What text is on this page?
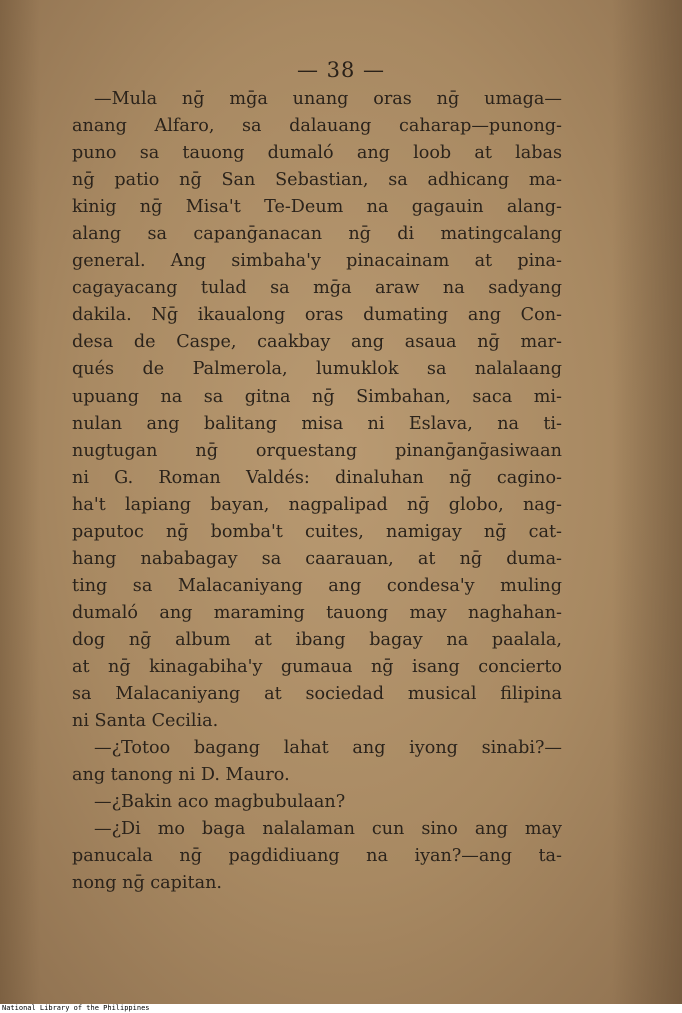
— 38 —
—Mula nḡ mḡa unang oras nḡ umaga—
anang Alfaro, sa dalauang caharap—punong-
puno sa tauong dumaló ang loob at labas
nḡ patio nḡ San Sebastian, sa adhicang ma-
kinig nḡ Misa't Te-Deum na gagauin alang-
alang sa capanḡanacan nḡ di matingcalang
general. Ang simbaha'y pinacainam at pina-
cagayacang tulad sa mḡa araw na sadyang
dakila. Nḡ ikaualong oras dumating ang Con-
desa de Caspe, caakbay ang asaua nḡ mar-
qués de Palmerola, lumuklok sa nalalaang
upuang na sa gitna nḡ Simbahan, saca mi-
nulan ang balitang misa ni Eslava, na ti-
nugtugan nḡ orquestang pinanḡanḡasiwaan
ni G. Roman Valdés: dinaluhan nḡ cagino-
ha't lapiang bayan, nagpalipad nḡ globo, nag-
paputoc nḡ bomba't cuites, namigay nḡ cat-
hang nababagay sa caarauan, at nḡ duma-
ting sa Malacaniyang ang condesa'y muling
dumaló ang maraming tauong may naghahan-
dog nḡ album at ibang bagay na paalala,
at nḡ kinagabiha'y gumaua nḡ isang concierto
sa Malacaniyang at sociedad musical filipina
ni Santa Cecilia.
—¿Totoo bagang lahat ang iyong sinabi?—
ang tanong ni D. Mauro.
—¿Bakin aco magbubulaan?
—¿Di mo baga nalalaman cun sino ang may
panucala nḡ pagdidiuang na iyan?—ang ta-
nong nḡ capitan.
National Library of the Philippines
